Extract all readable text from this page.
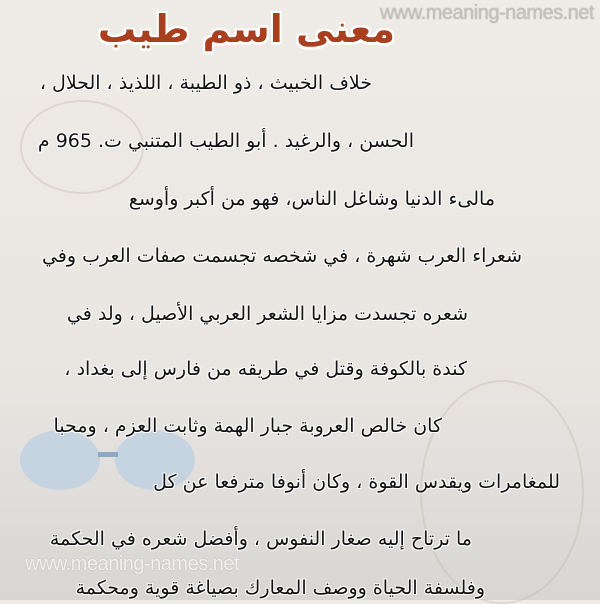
www.meaning-names.net
معنى اسم طيب
خلاف الخبيث ، ذو الطيبة ، اللذيذ ، الحلال ،
الحسن ، والرغيد . أبو الطيب المتنبي ت. 965 م
مالىء الدنيا وشاغل الناس، فهو من أكبر وأوسع
شعراء العرب شهرة ، في شخصه تجسمت صفات العرب وفي
شعره تجسدت مزايا الشعر العربي الأصيل ، ولد في
كندة بالكوفة وقتل في طريقه من فارس إلى بغداد ،
كان خالص العروبة جبار الهمة وثابت العزم ، ومحبا
للمغامرات ويقدس القوة ، وكان أنوفا مترفعا عن كل
ما ترتاح إليه صغار النفوس ، وأفضل شعره في الحكمة
وفلسفة الحياة ووصف المعارك بصياغة قوية ومحكمة
www.meaning-names.net
